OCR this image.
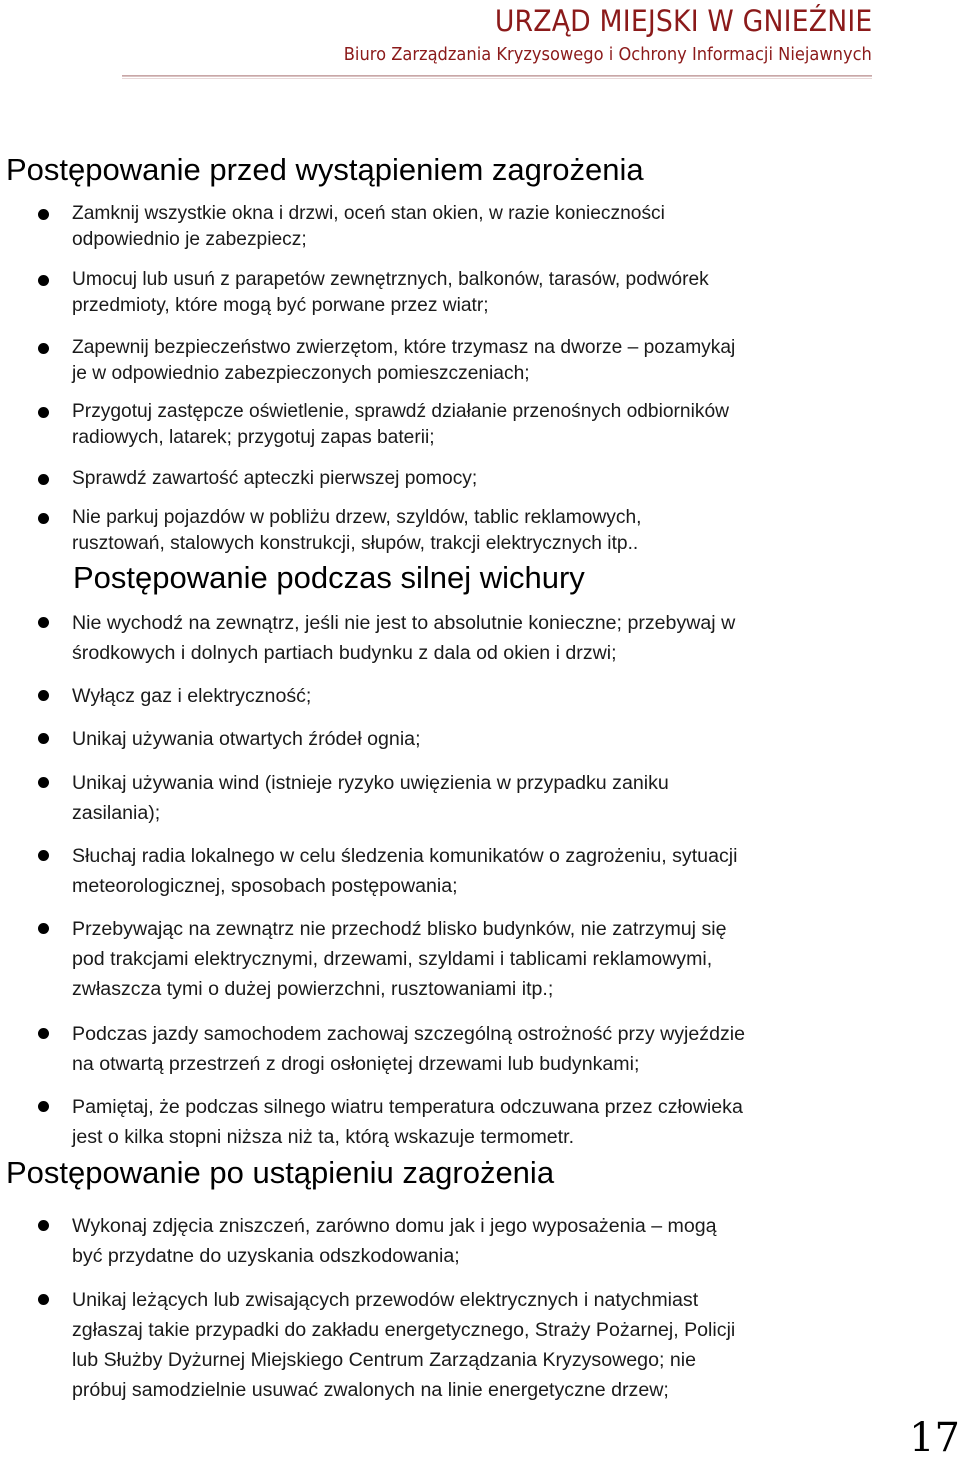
URZĄD MIEJSKI W GNIEŹNIE
Biuro Zarządzania Kryzysowego i Ochrony Informacji Niejawnych
Postępowanie przed wystąpieniem zagrożenia
Zamknij wszystkie okna i drzwi, oceń stan okien, w razie konieczności
odpowiednio je zabezpiecz;
Umocuj lub usuń z parapetów zewnętrznych, balkonów, tarasów, podwórek
przedmioty, które mogą być porwane przez wiatr;
Zapewnij bezpieczeństwo zwierzętom, które trzymasz na dworze – pozamykaj
je w odpowiednio zabezpieczonych pomieszczeniach;
Przygotuj zastępcze oświetlenie, sprawdź działanie przenośnych odbiorników
radiowych, latarek; przygotuj zapas baterii;
Sprawdź zawartość apteczki pierwszej pomocy;
Nie parkuj pojazdów w pobliżu drzew, szyldów, tablic reklamowych,
rusztowań, stalowych konstrukcji, słupów, trakcji elektrycznych itp..
Postępowanie podczas silnej wichury
Nie wychodź na zewnątrz, jeśli nie jest to absolutnie konieczne; przebywaj w
środkowych i dolnych partiach budynku z dala od okien i drzwi;
Wyłącz gaz i elektryczność;
Unikaj używania otwartych źródeł ognia;
Unikaj używania wind (istnieje ryzyko uwięzienia w przypadku zaniku
zasilania);
Słuchaj radia lokalnego w celu śledzenia komunikatów o zagrożeniu, sytuacji
meteorologicznej, sposobach postępowania;
Przebywając na zewnątrz nie przechodź blisko budynków, nie zatrzymuj się
pod trakcjami elektrycznymi, drzewami, szyldami i tablicami reklamowymi,
zwłaszcza tymi o dużej powierzchni, rusztowaniami itp.;
Podczas jazdy samochodem zachowaj szczególną ostrożność przy wyjeździe
na otwartą przestrzeń z drogi osłoniętej drzewami lub budynkami;
Pamiętaj, że podczas silnego wiatru temperatura odczuwana przez człowieka
jest o kilka stopni niższa niż ta, którą wskazuje termometr.
Postępowanie po ustąpieniu zagrożenia
Wykonaj zdjęcia zniszczeń, zarówno domu jak i jego wyposażenia – mogą
być przydatne do uzyskania odszkodowania;
Unikaj leżących lub zwisających przewodów elektrycznych i natychmiast
zgłaszaj takie przypadki do zakładu energetycznego, Straży Pożarnej, Policji
lub Służby Dyżurnej Miejskiego Centrum Zarządzania Kryzysowego; nie
próbuj samodzielnie usuwać zwalonych na linie energetyczne drzew;
17
